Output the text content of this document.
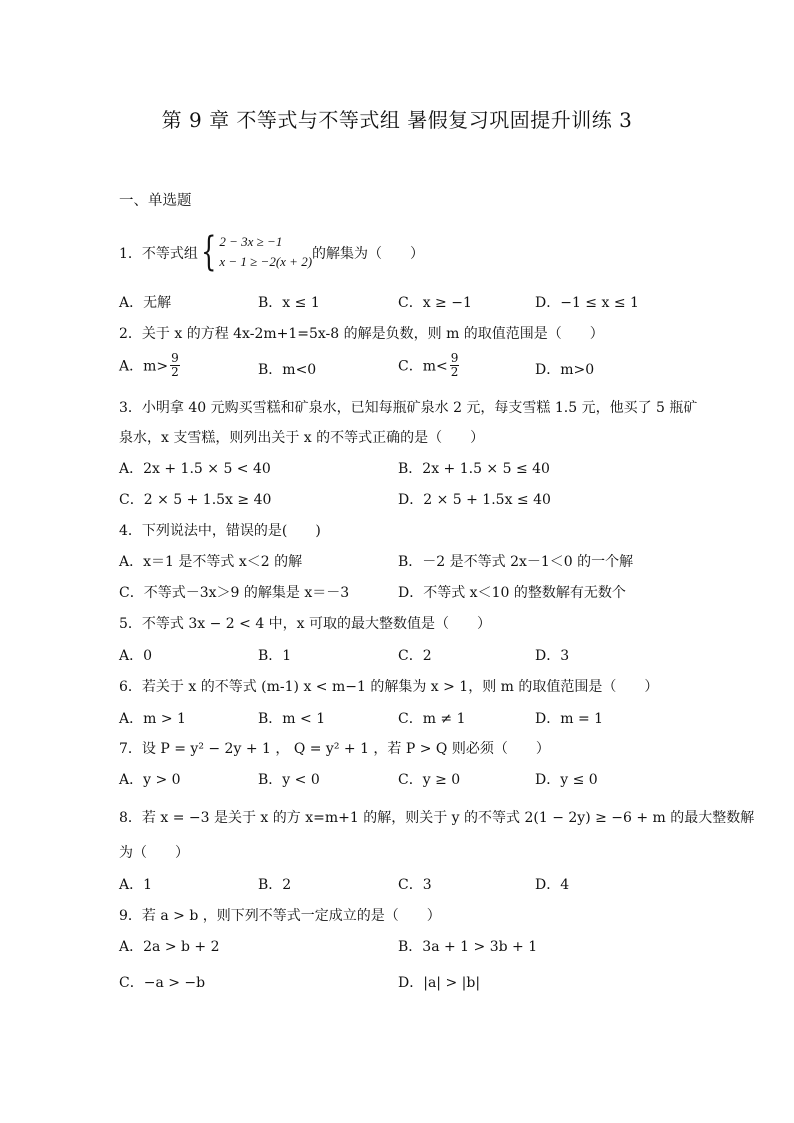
第 9 章 不等式与不等式组 暑假复习巩固提升训练 3
一、单选题
1．不等式组{ 2 − 3x ≥ −1
x − 1 ≥ −2(x + 2) 的解集为（　　）
A．无解	B．x ≤ 1	C．x ≥ −1	D．−1 ≤ x ≤ 1
2．关于 x 的方程 4x-2m+1=5x-8 的解是负数，则 m 的取值范围是（　　）
A．$m> \frac{9}{2}$	B．m<0	C．$m< \frac{9}{2}$	D．m>0
3．小明拿 40 元购买雪糕和矿泉水，已知每瓶矿泉水 2 元，每支雪糕 1.5 元，他买了 5 瓶矿
泉水，x 支雪糕，则列出关于 x 的不等式正确的是（　　）
A．2x + 1.5 × 5 < 40	B．2x + 1.5 × 5 ≤ 40
C．2 × 5 + 1.5x ≥ 40	D．2 × 5 + 1.5x ≤ 40
4．下列说法中，错误的是(　　)
A．x＝1 是不等式 x＜2 的解	B．－2 是不等式 2x－1＜0 的一个解
C．不等式－3x＞9 的解集是 x＝－3	D．不等式 x＜10 的整数解有无数个
5．不等式 3x − 2 < 4 中，x 可取的最大整数值是（　　）
A．0	B．1	C．2	D．3
6．若关于 x 的不等式 (m-1) x < m−1 的解集为 x > 1，则 m 的取值范围是（　　）
A．m > 1	B．m < 1	C．m ≠ 1	D．m = 1
7．设 P = y² − 2y + 1 ， Q = y² + 1 ，若 P > Q 则必须（　　）
A．y > 0	B．y < 0	C．y ≥ 0	D．y ≤ 0
8．若 x = −3 是关于 x 的方 x=m+1 的解，则关于 y 的不等式 2(1 − 2y) ≥ −6 + m 的最大整数解
为（　　）
A．1	B．2	C．3	D．4
9．若 a > b ，则下列不等式一定成立的是（　　）
A．2a > b + 2	B．3a + 1 > 3b + 1
C．−a > −b	D．|a| > |b|
